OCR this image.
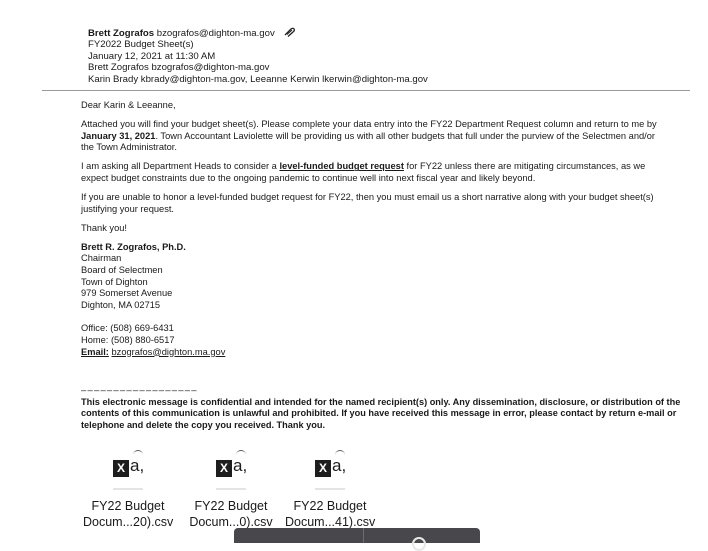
Brett Zografos bzografos@dighton-ma.gov
FY2022 Budget Sheet(s)
January 12, 2021 at 11:30 AM
Brett Zografos bzografos@dighton-ma.gov
Karin Brady kbrady@dighton-ma.gov, Leeanne Kerwin lkerwin@dighton-ma.gov

Dear Karin & Leeanne,

Attached you will find your budget sheet(s). Please complete your data entry into the FY22 Department Request column and return to me by January 31, 2021. Town Accountant Laviolette will be providing us with all other budgets that full under the purview of the Selectmen and/or the Town Administrator.

I am asking all Department Heads to consider a level-funded budget request for FY22 unless there are mitigating circumstances, as we expect budget constraints due to the ongoing pandemic to continue well into next fiscal year and likely beyond.

If you are unable to honor a level-funded budget request for FY22, then you must email us a short narrative along with your budget sheet(s) justifying your request.

Thank you!

Brett R. Zografos, Ph.D.
Chairman
Board of Selectmen
Town of Dighton
979 Somerset Avenue
Dighton, MA 02715
Office: (508) 669-6431
Home: (508) 880-6517
Email: bzografos@dighton.ma.gov
––––––––––––––––––
This electronic message is confidential and intended for the named recipient(s) only. Any dissemination, disclosure, or distribution of the contents of this communication is unlawful and prohibited. If you have received this message in error, please contact by return e-mail or telephone and delete the copy you received. Thank you.
X a,
FY22 Budget
Docum...20).csv
X a,
FY22 Budget
Docum...0).csv
X a,
FY22 Budget
Docum...41).csv
